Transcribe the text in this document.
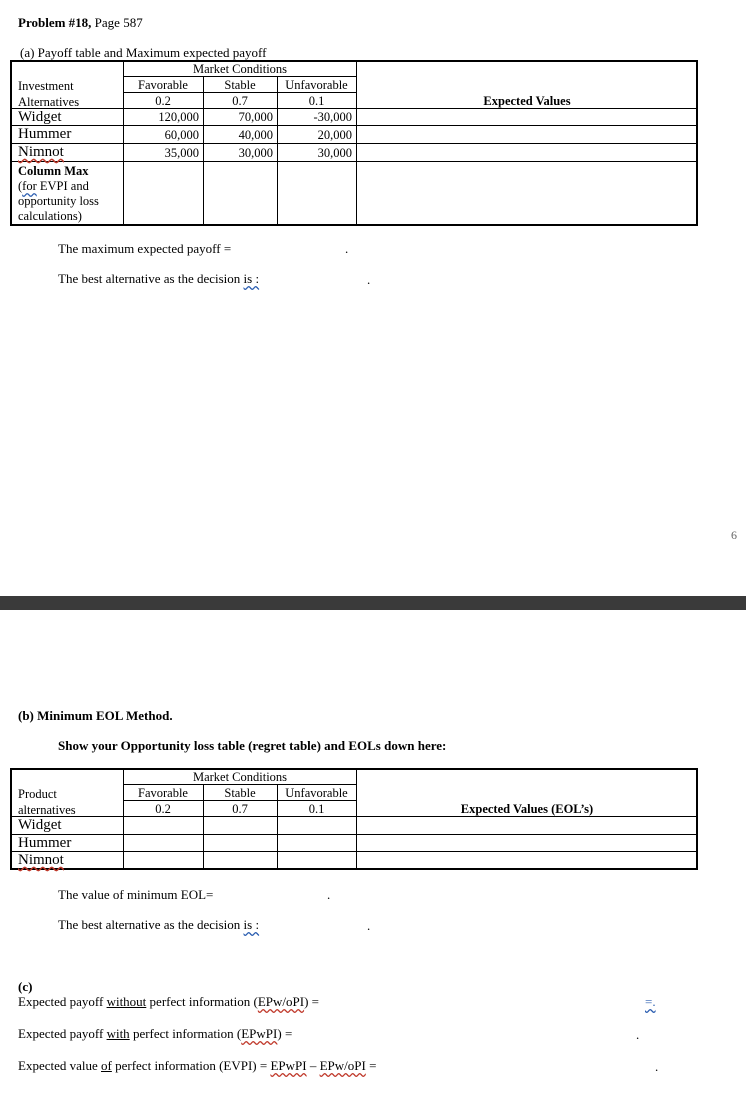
Problem #18, Page 587
(a) Payoff table and Maximum expected payoff
Market Conditions
Investment
Alternatives
Favorable	Stable	Unfavorable
0.2	0.7	0.1	Expected Values
Widget	120,000	70,000	-30,000
Hummer	60,000	40,000	20,000
Nimnot	35,000	30,000	30,000
Column Max
(for EVPI and
opportunity loss
calculations)
The maximum expected payoff =	.
The best alternative as the decision is :	.
6
(b) Minimum EOL Method.
Show your Opportunity loss table (regret table) and EOLs down here:
Market Conditions
Product
alternatives
Favorable	Stable	Unfavorable
0.2	0.7	0.1	Expected Values (EOL’s)
Widget
Hummer
Nimnot
The value of minimum EOL=	.
The best alternative as the decision is :	.
(c)
Expected payoff without perfect information (EPw/oPI) =	=.
Expected payoff with perfect information (EPwPI) =	.
Expected value of perfect information (EVPI) = EPwPI – EPw/oPI =	.
